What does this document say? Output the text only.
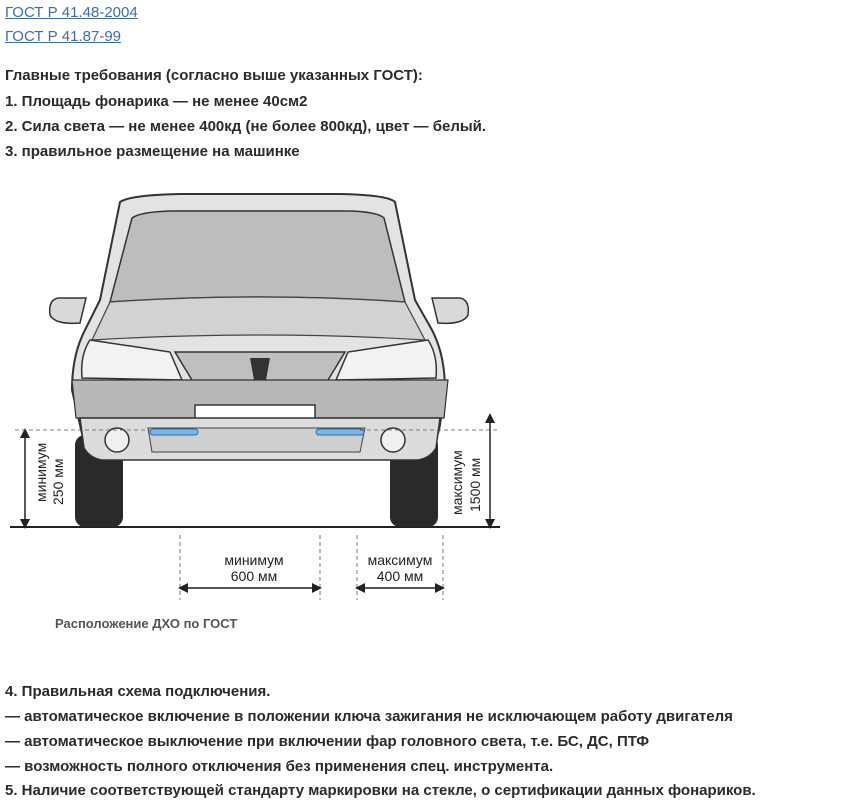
ГОСТ Р 41.48-2004
ГОСТ Р 41.87-99
Главные требования (согласно выше указанных ГОСТ):
1. Площадь фонарика — не менее 40см2
2. Сила света — не менее 400кд (не более 800кд), цвет — белый.
3. правильное размещение на машинке
минимум 250 мм	максимум 1500 мм
минимум
600 мм
максимум
400 мм
Расположение ДХО по ГОСТ
4. Правильная схема подключения.
— автоматическое включение в положении ключа зажигания не исключающем работу двигателя
— автоматическое выключение при включении фар головного света, т.е. БС, ДС, ПТФ
— возможность полного отключения без применения спец. инструмента.
5. Наличие соответствующей стандарту маркировки на стекле, о сертификации данных фонариков.
